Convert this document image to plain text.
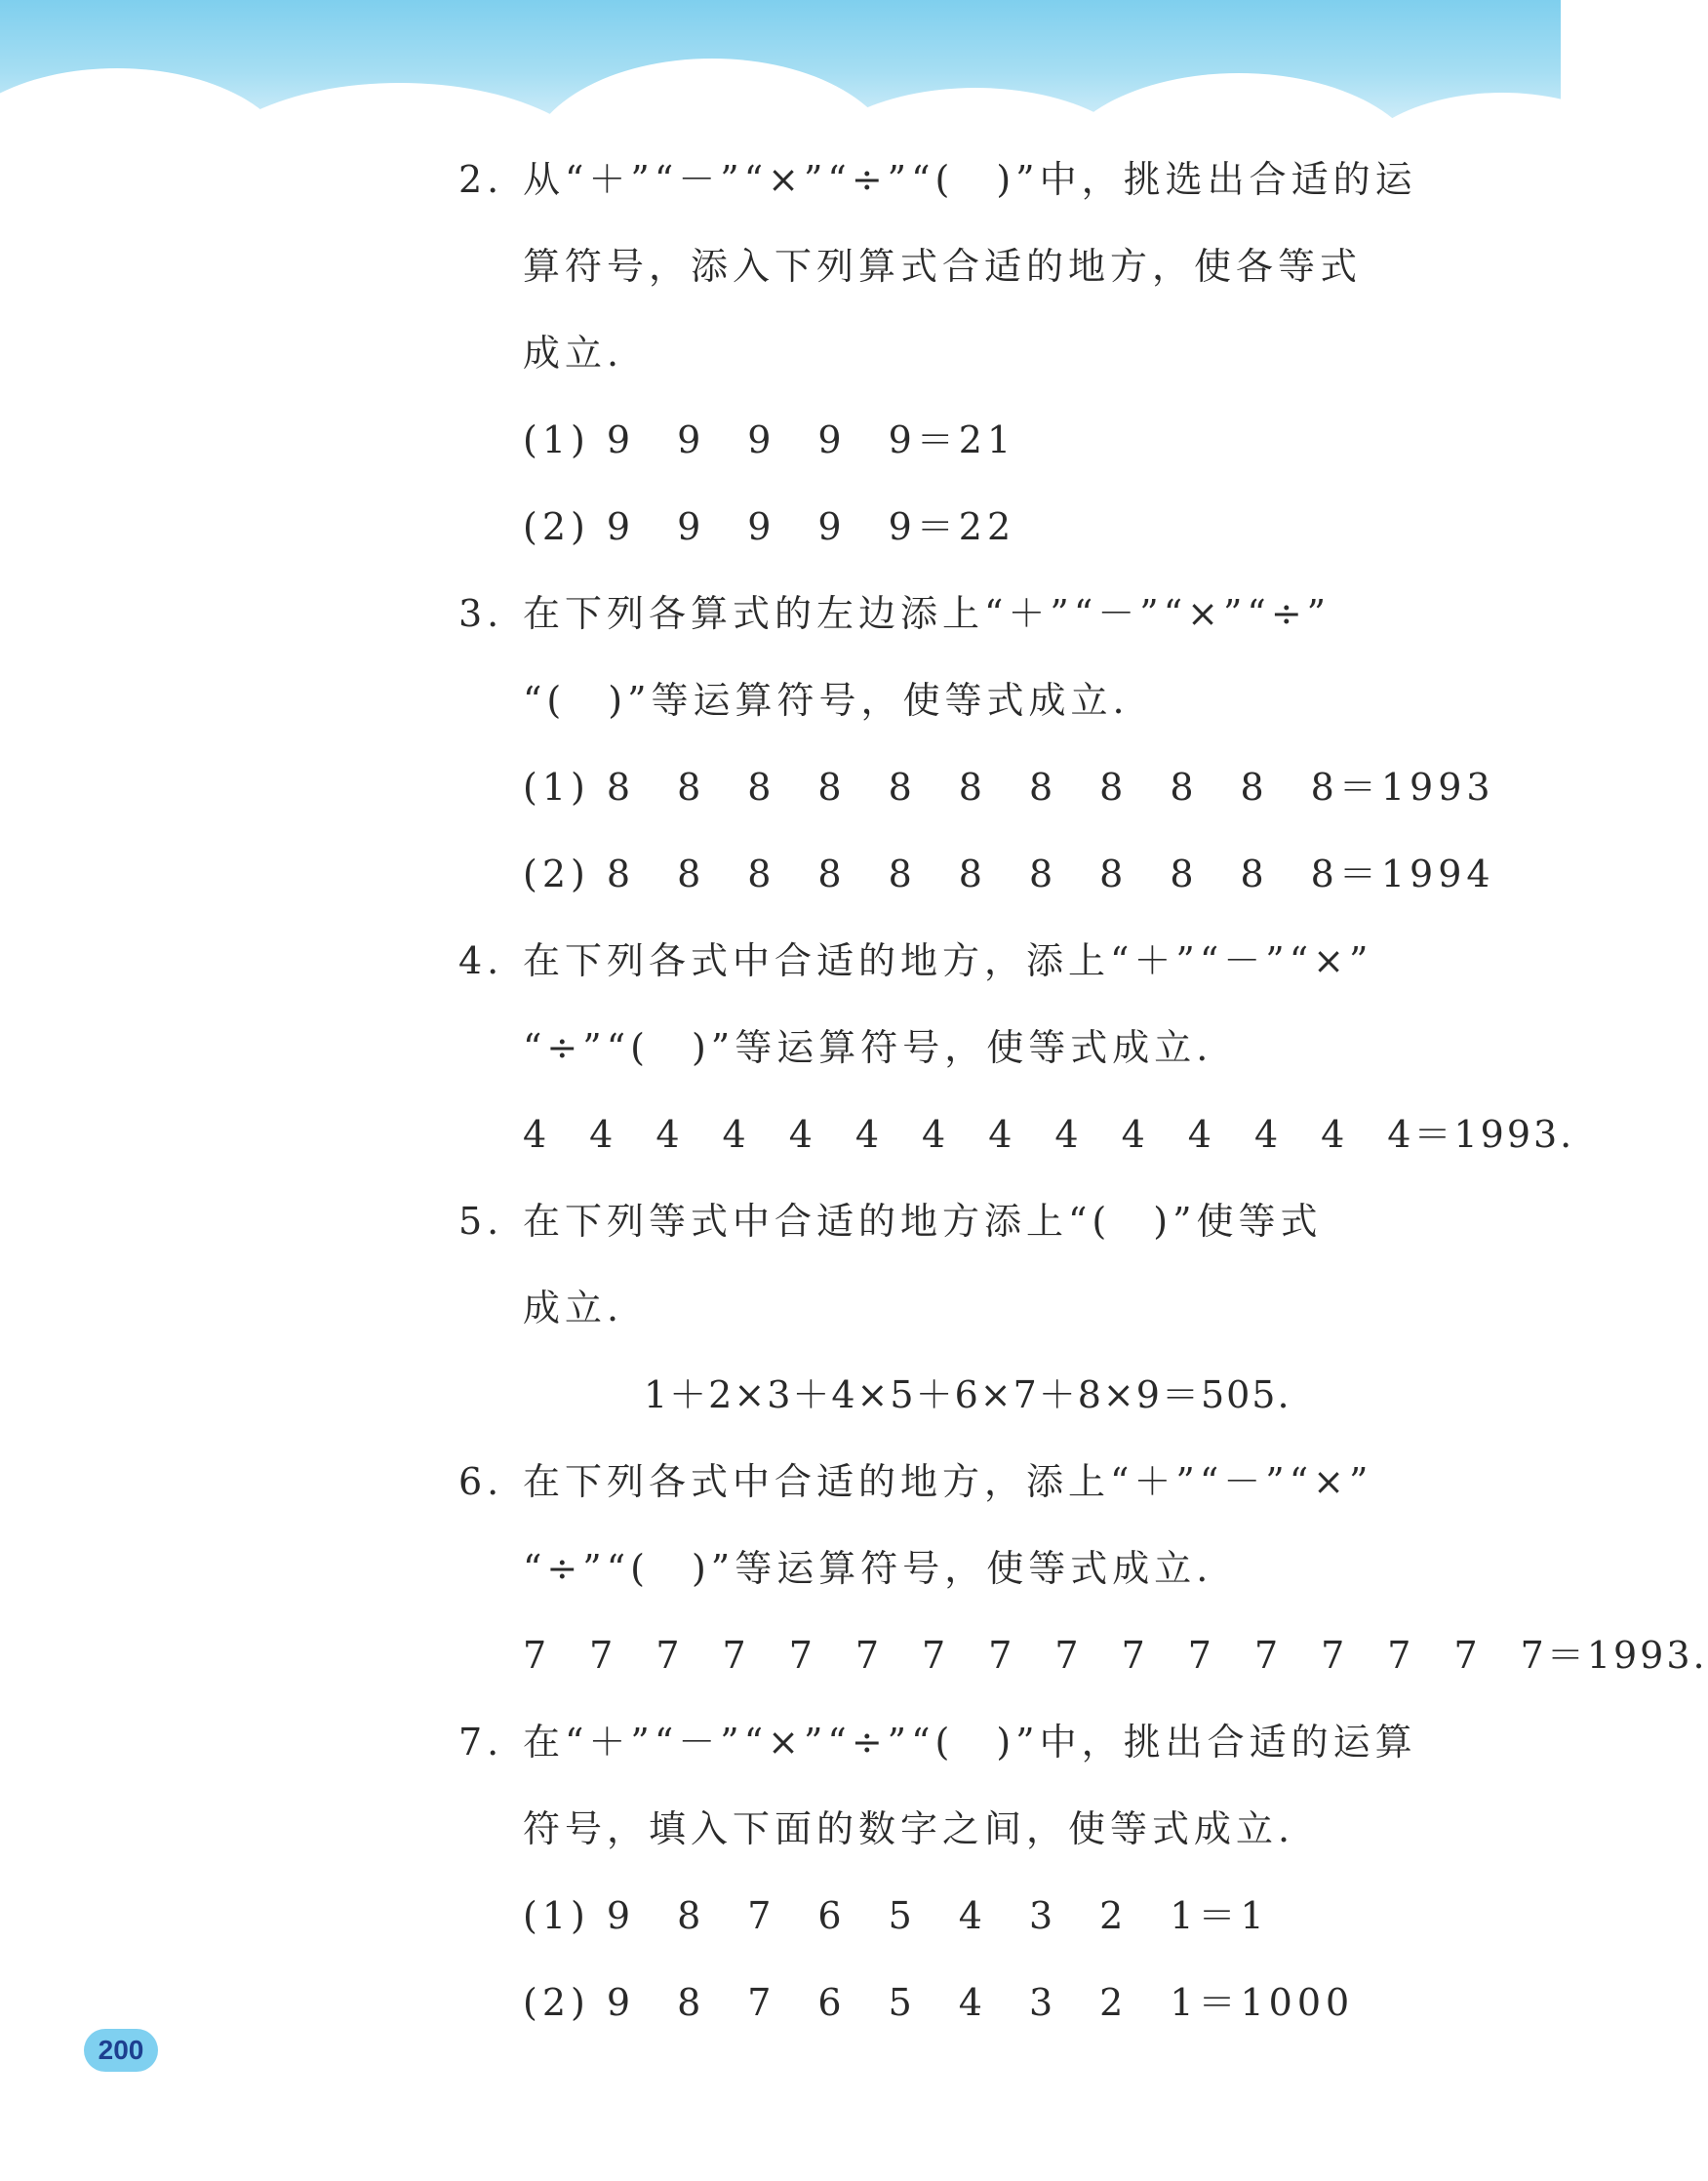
2. 从“＋”“－”“×”“÷”“(　)”中，挑选出合适的运
算符号，添入下列算式合适的地方，使各等式
成立.
(1) 9　9　9　9　9＝21
(2) 9　9　9　9　9＝22
3. 在下列各算式的左边添上“＋”“－”“×”“÷”
“(　)”等运算符号，使等式成立.
(1) 8　8　8　8　8　8　8　8　8　8　8＝1993
(2) 8　8　8　8　8　8　8　8　8　8　8＝1994
4. 在下列各式中合适的地方，添上“＋”“－”“×”
“÷”“(　)”等运算符号，使等式成立.
4　4　4　4　4　4　4　4　4　4　4　4　4　4＝1993.
5. 在下列等式中合适的地方添上“(　)”使等式
成立.
1＋2×3＋4×5＋6×7＋8×9＝505.
6. 在下列各式中合适的地方，添上“＋”“－”“×”
“÷”“(　)”等运算符号，使等式成立.
7　7　7　7　7　7　7　7　7　7　7　7　7　7　7　7＝1993.
7. 在“＋”“－”“×”“÷”“(　)”中，挑出合适的运算
符号，填入下面的数字之间，使等式成立.
(1) 9　8　7　6　5　4　3　2　1＝1
(2) 9　8　7　6　5　4　3　2　1＝1000
200
